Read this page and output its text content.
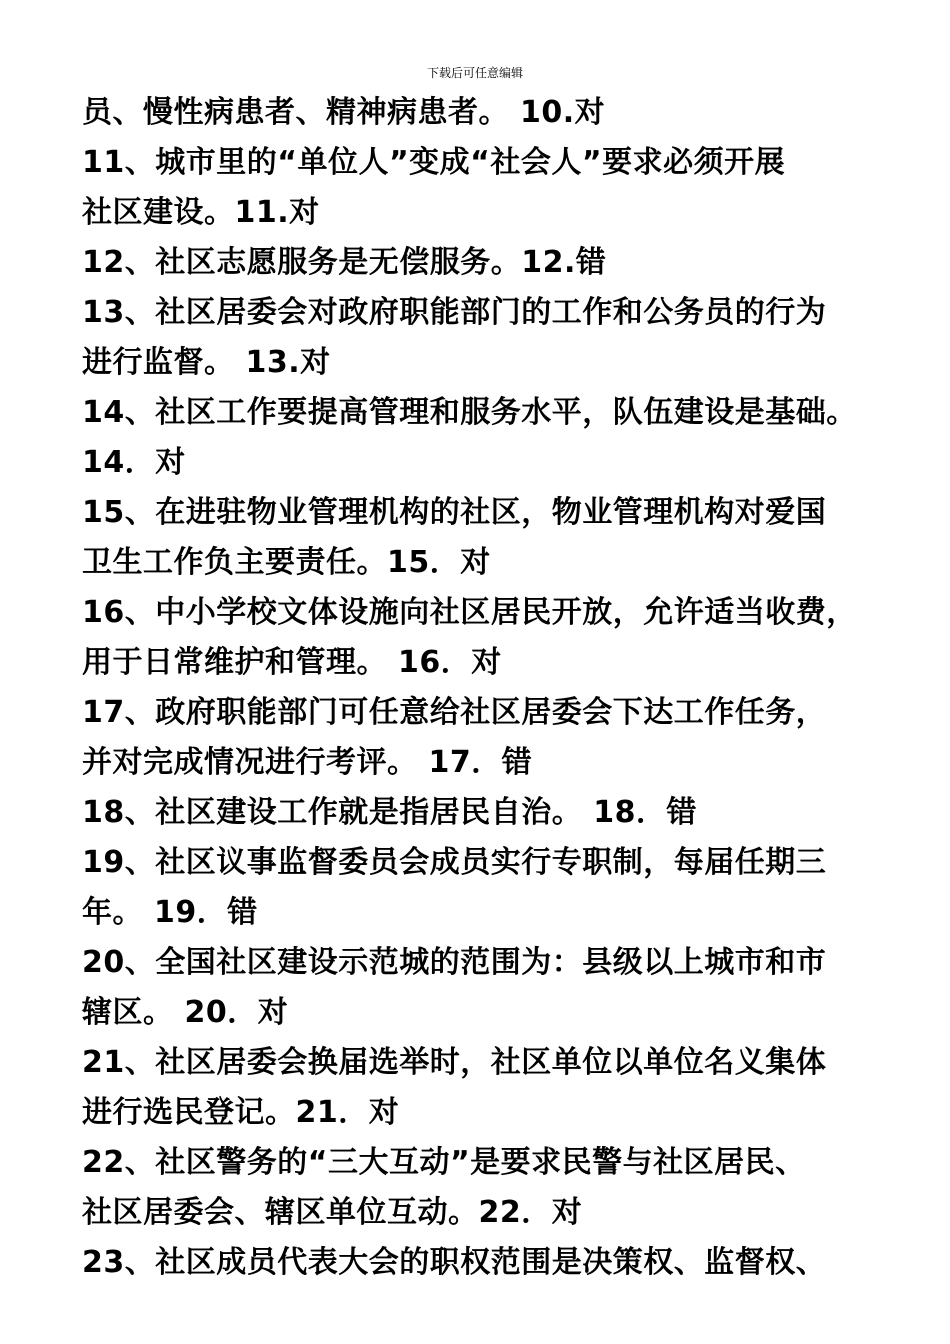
下载后可任意编辑
员、慢性病患者、精神病患者。 10.对
11、城市里的“单位人”变成“社会人”要求必须开展
社区建设。11.对
12、社区志愿服务是无偿服务。12.错
13、社区居委会对政府职能部门的工作和公务员的行为
进行监督。 13.对
14、社区工作要提高管理和服务水平，队伍建设是基础。
14．对
15、在进驻物业管理机构的社区，物业管理机构对爱国
卫生工作负主要责任。15．对
16、中小学校文体设施向社区居民开放，允许适当收费，
用于日常维护和管理。 16．对
17、政府职能部门可任意给社区居委会下达工作任务，
并对完成情况进行考评。 17．错
18、社区建设工作就是指居民自治。 18．错
19、社区议事监督委员会成员实行专职制，每届任期三
年。 19．错
20、全国社区建设示范城的范围为：县级以上城市和市
辖区。 20．对
21、社区居委会换届选举时，社区单位以单位名义集体
进行选民登记。21．对
22、社区警务的“三大互动”是要求民警与社区居民、
社区居委会、辖区单位互动。22．对
23、社区成员代表大会的职权范围是决策权、监督权、
